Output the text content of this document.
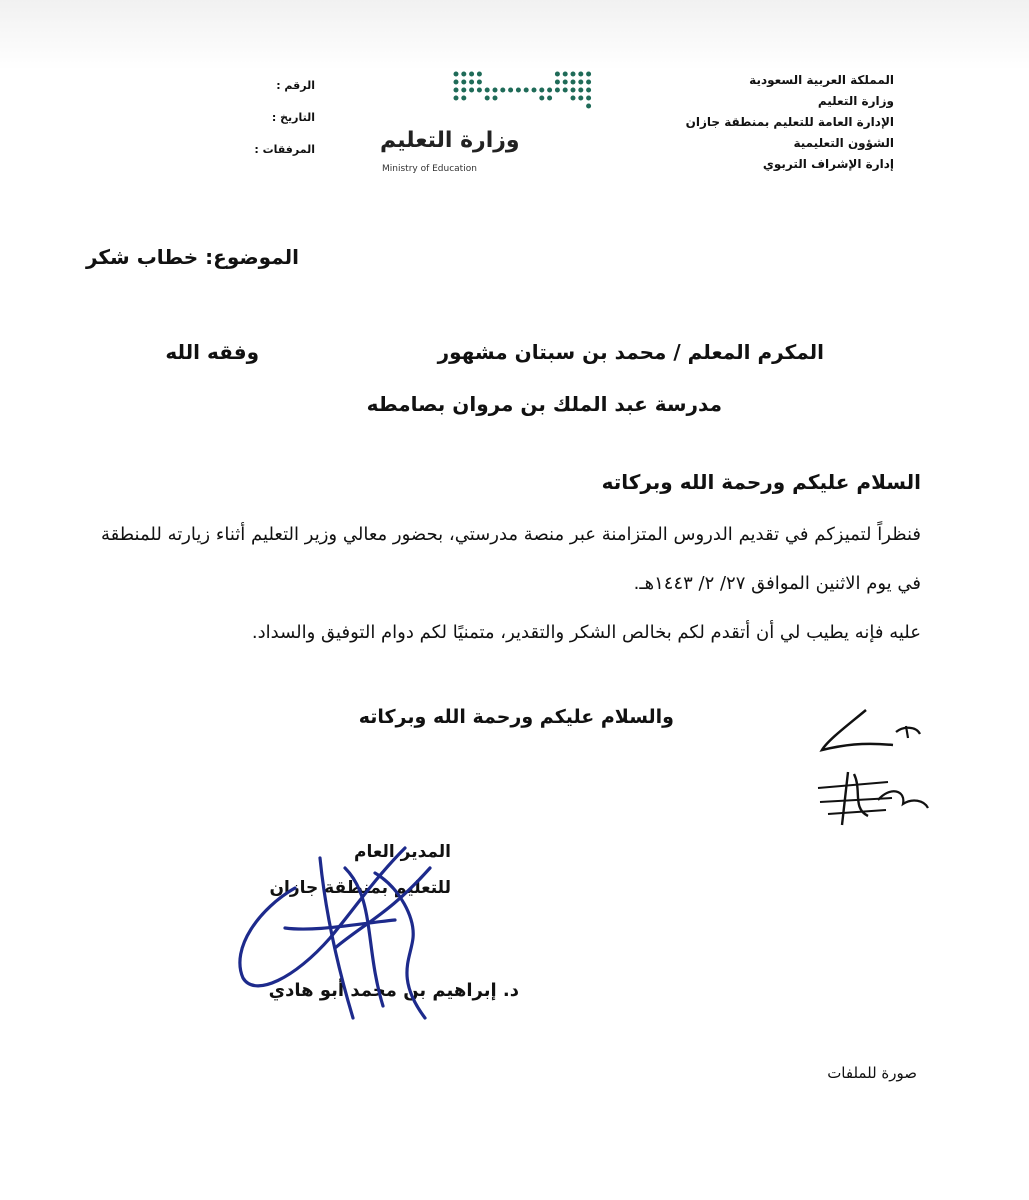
المملكة العربية السعودية
وزارة التعليم
الإدارة العامة للتعليم بمنطقة جازان
الشؤون التعليمية
إدارة الإشراف التربوي
الرقم :
التاريخ :
المرفقات :	وزارة التعليم
Ministry of Education
الموضوع: خطاب شكر
المكرم المعلم / محمد بن سبتان مشهور
وفقه الله
مدرسة عبد الملك بن مروان بصامطه
السلام عليكم ورحمة الله وبركاته
فنظراً لتميزكم في تقديم الدروس المتزامنة عبر منصة مدرستي، بحضور معالي وزير التعليم أثناء زيارته للمنطقة في يوم الاثنين الموافق ٢٧/ ٢/ ١٤٤٣هـ.
عليه فإنه يطيب لي أن أتقدم لكم بخالص الشكر والتقدير، متمنيًا لكم دوام التوفيق والسداد.
والسلام عليكم ورحمة الله وبركاته
المدير العام
للتعليم بمنطقة جازان
د. إبراهيم بن محمد أبو هادي
صورة للملفات
